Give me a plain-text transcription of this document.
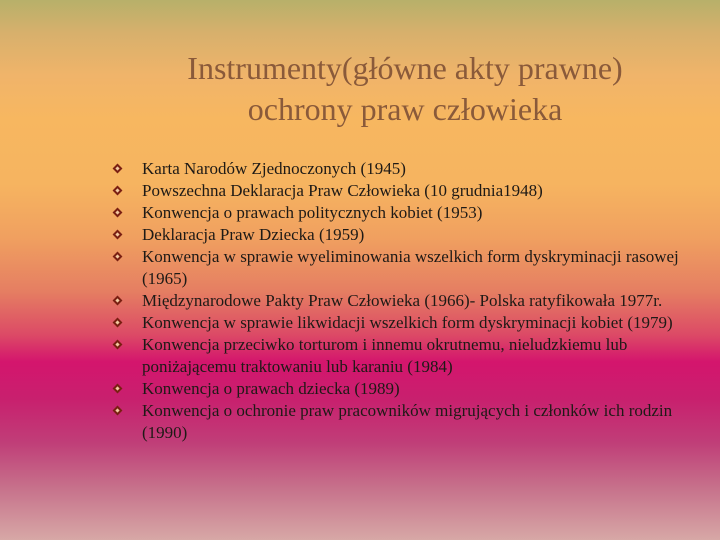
Instrumenty(główne akty prawne)
ochrony praw człowieka
Karta Narodów Zjednoczonych (1945)
Powszechna Deklaracja Praw Człowieka (10 grudnia1948)
Konwencja o prawach politycznych kobiet (1953)
Deklaracja Praw Dziecka (1959)
Konwencja w sprawie wyeliminowania wszelkich form dyskryminacji rasowej (1965)
Międzynarodowe Pakty Praw Człowieka (1966)- Polska ratyfikowała 1977r.
Konwencja w sprawie likwidacji wszelkich form dyskryminacji kobiet (1979)
Konwencja przeciwko torturom i innemu okrutnemu, nieludzkiemu lub poniżającemu traktowaniu lub karaniu (1984)
Konwencja o prawach dziecka (1989)
Konwencja o ochronie praw pracowników migrujących i członków ich rodzin (1990)
